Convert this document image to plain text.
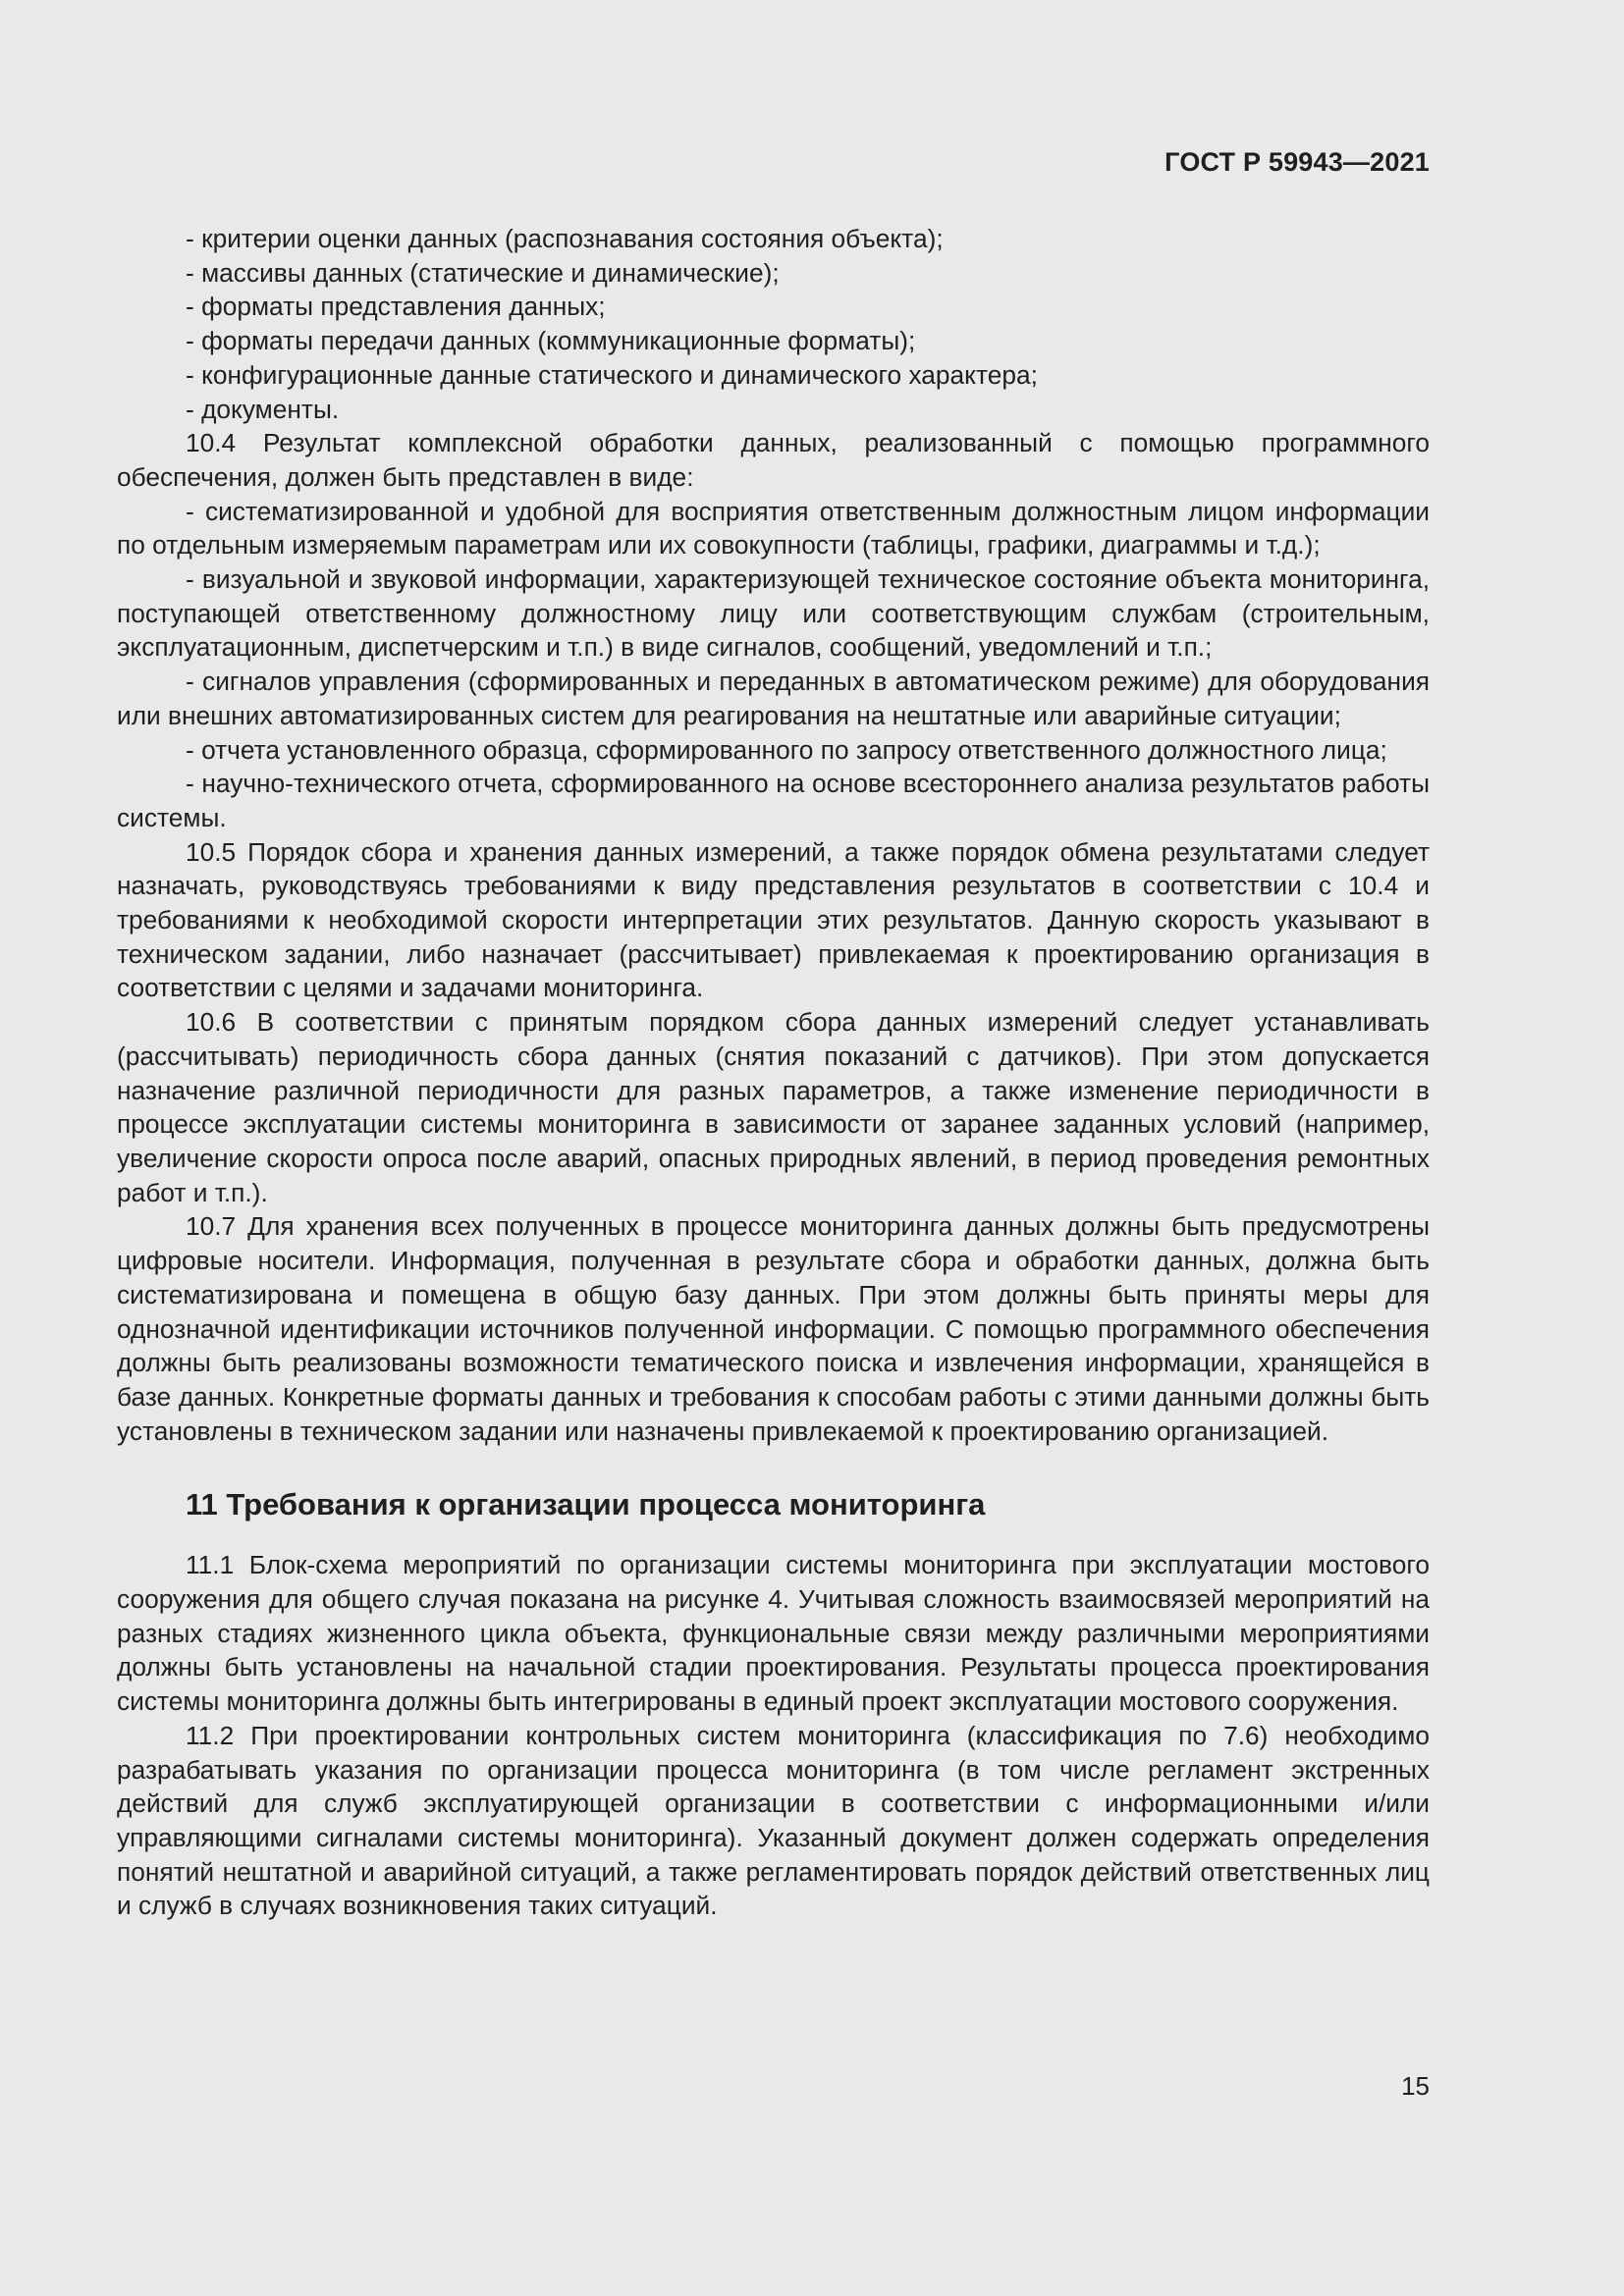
ГОСТ Р 59943—2021

- критерии оценки данных (распознавания состояния объекта);

- массивы данных (статические и динамические);

- форматы представления данных;

- форматы передачи данных (коммуникационные форматы);

- конфигурационные данные статического и динамического характера;

- документы.

10.4 Результат комплексной обработки данных, реализованный с помощью программного обеспечения, должен быть представлен в виде:

- систематизированной и удобной для восприятия ответственным должностным лицом информации по отдельным измеряемым параметрам или их совокупности (таблицы, графики, диаграммы и т.д.);

- визуальной и звуковой информации, характеризующей техническое состояние объекта мониторинга, поступающей ответственному должностному лицу или соответствующим службам (строительным, эксплуатационным, диспетчерским и т.п.) в виде сигналов, сообщений, уведомлений и т.п.;

- сигналов управления (сформированных и переданных в автоматическом режиме) для оборудования или внешних автоматизированных систем для реагирования на нештатные или аварийные ситуации;

- отчета установленного образца, сформированного по запросу ответственного должностного лица;

- научно-технического отчета, сформированного на основе всестороннего анализа результатов работы системы.

10.5 Порядок сбора и хранения данных измерений, а также порядок обмена результатами следует назначать, руководствуясь требованиями к виду представления результатов в соответствии с 10.4 и требованиями к необходимой скорости интерпретации этих результатов. Данную скорость указывают в техническом задании, либо назначает (рассчитывает) привлекаемая к проектированию организация в соответствии с целями и задачами мониторинга.

10.6 В соответствии с принятым порядком сбора данных измерений следует устанавливать (рассчитывать) периодичность сбора данных (снятия показаний с датчиков). При этом допускается назначение различной периодичности для разных параметров, а также изменение периодичности в процессе эксплуатации системы мониторинга в зависимости от заранее заданных условий (например, увеличение скорости опроса после аварий, опасных природных явлений, в период проведения ремонтных работ и т.п.).

10.7 Для хранения всех полученных в процессе мониторинга данных должны быть предусмотрены цифровые носители. Информация, полученная в результате сбора и обработки данных, должна быть систематизирована и помещена в общую базу данных. При этом должны быть приняты меры для однозначной идентификации источников полученной информации. С помощью программного обеспечения должны быть реализованы возможности тематического поиска и извлечения информации, хранящейся в базе данных. Конкретные форматы данных и требования к способам работы с этими данными должны быть установлены в техническом задании или назначены привлекаемой к проектированию организацией.

11 Требования к организации процесса мониторинга

11.1 Блок-схема мероприятий по организации системы мониторинга при эксплуатации мостового сооружения для общего случая показана на рисунке 4. Учитывая сложность взаимосвязей мероприятий на разных стадиях жизненного цикла объекта, функциональные связи между различными мероприятиями должны быть установлены на начальной стадии проектирования. Результаты процесса проектирования системы мониторинга должны быть интегрированы в единый проект эксплуатации мостового сооружения.

11.2 При проектировании контрольных систем мониторинга (классификация по 7.6) необходимо разрабатывать указания по организации процесса мониторинга (в том числе регламент экстренных действий для служб эксплуатирующей организации в соответствии с информационными и/или управляющими сигналами системы мониторинга). Указанный документ должен содержать определения понятий нештатной и аварийной ситуаций, а также регламентировать порядок действий ответственных лиц и служб в случаях возникновения таких ситуаций.

15
